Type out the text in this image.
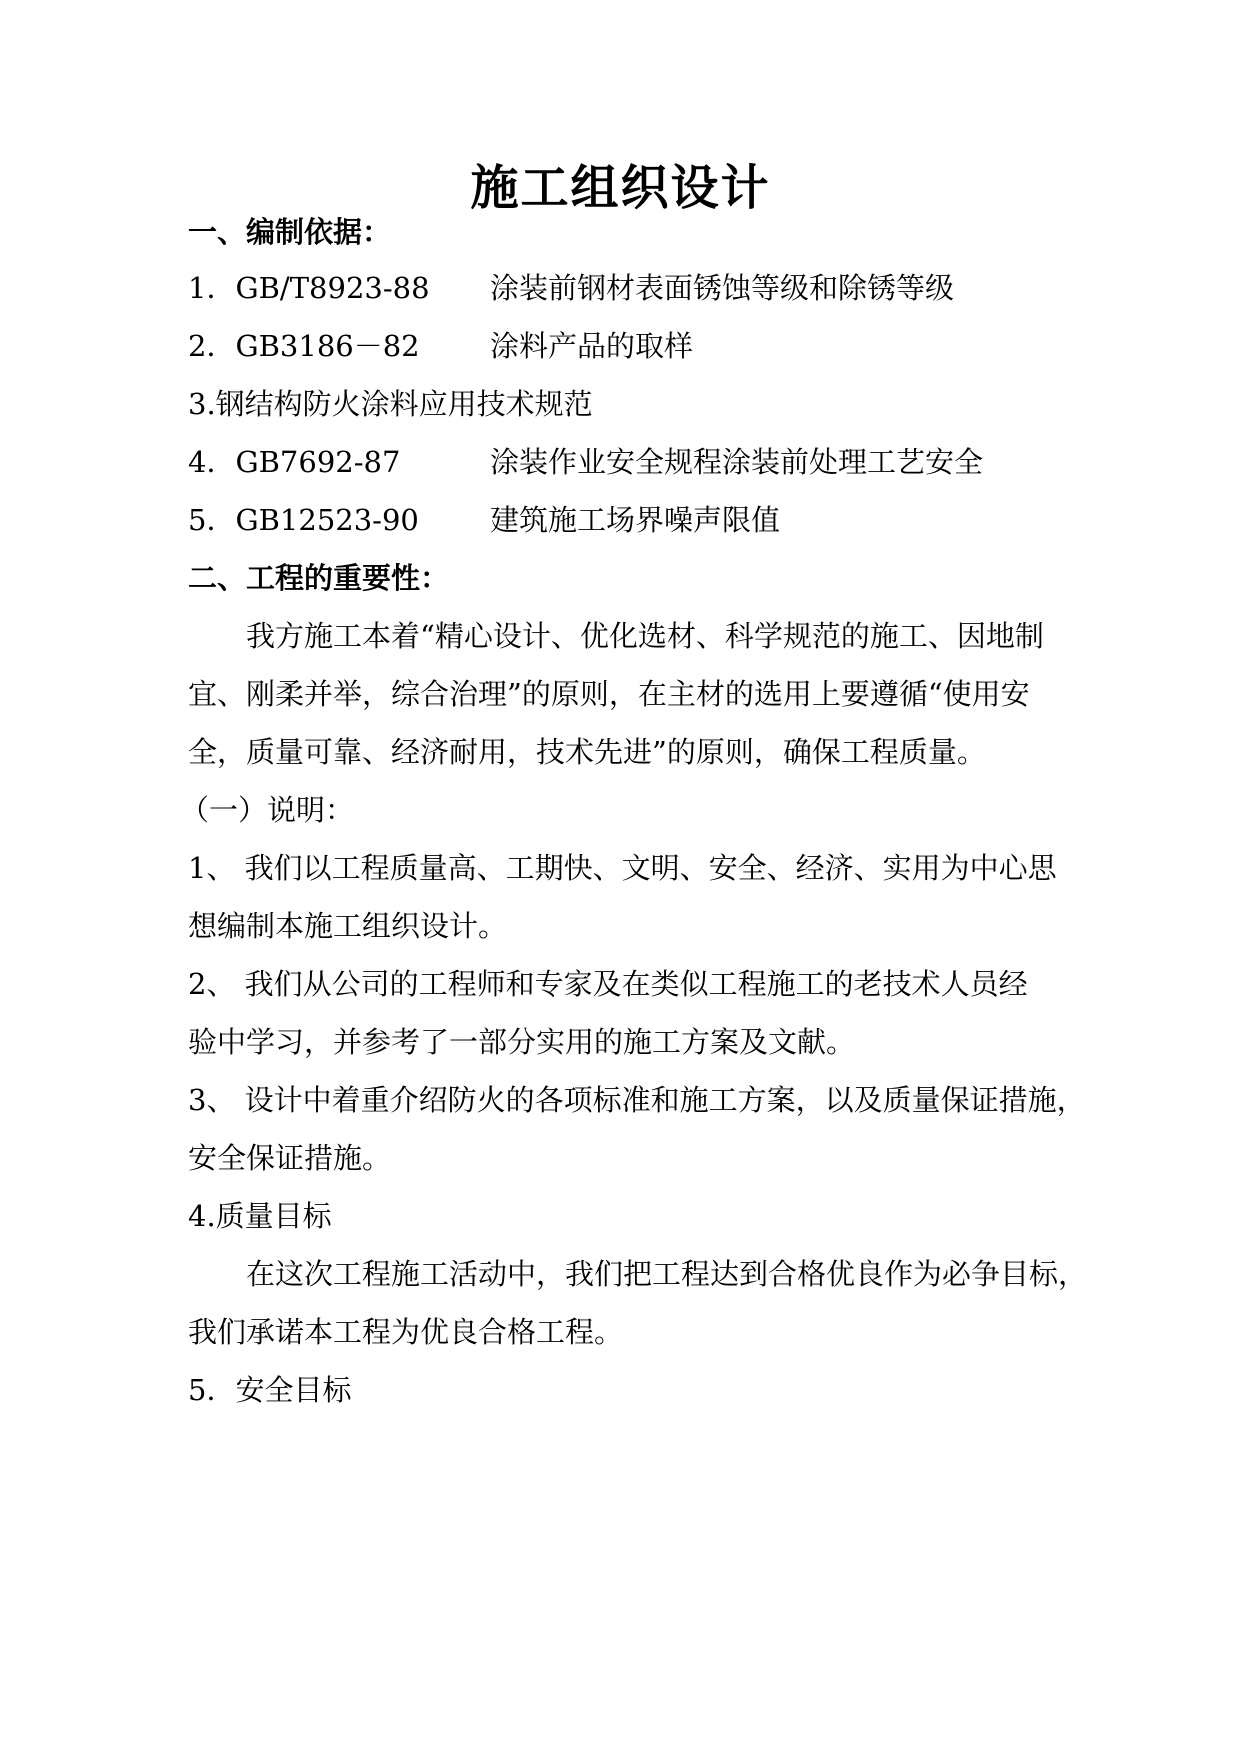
施工组织设计
一、编制依据：
1．GB/T8923-88 涂装前钢材表面锈蚀等级和除锈等级
2．GB3186－82 涂料产品的取样
3.钢结构防火涂料应用技术规范
4．GB7692-87	涂装作业安全规程涂装前处理工艺安全
5．GB12523-90 建筑施工场界噪声限值
二、工程的重要性：
我方施工本着“精心设计、优化选材、科学规范的施工、因地制
宜、刚柔并举，综合治理”的原则，在主材的选用上要遵循“使用安
全，质量可靠、经济耐用，技术先进”的原则，确保工程质量。
（一）说明：
1、 我们以工程质量高、工期快、文明、安全、经济、实用为中心思
想编制本施工组织设计。
2、 我们从公司的工程师和专家及在类似工程施工的老技术人员经
验中学习，并参考了一部分实用的施工方案及文献。
3、 设计中着重介绍防火的各项标准和施工方案，以及质量保证措施，
安全保证措施。
4.质量目标
在这次工程施工活动中，我们把工程达到合格优良作为必争目标，
我们承诺本工程为优良合格工程。
5．安全目标
